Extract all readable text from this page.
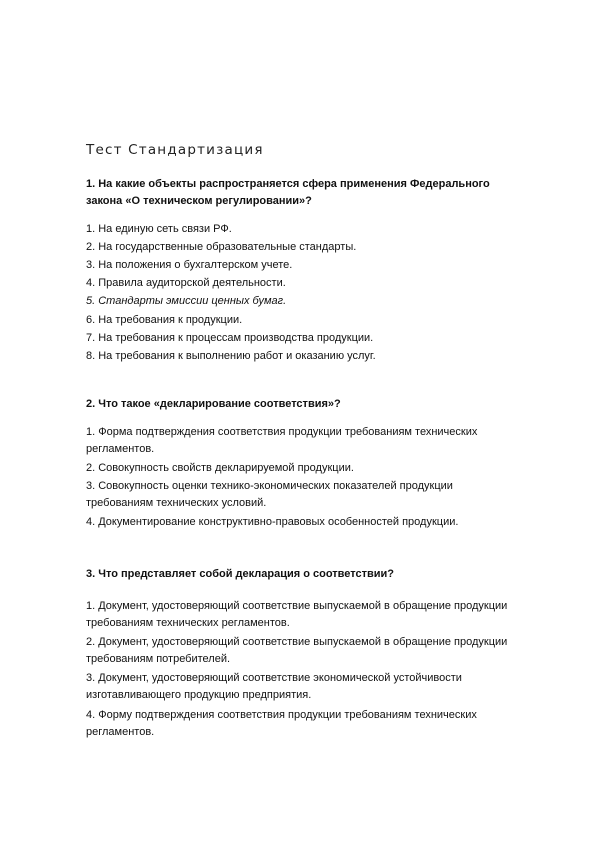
Тест Стандартизация
1. На какие объекты распространяется сфера применения Федерального закона «О техническом регулировании»?
1. На единую сеть связи РФ.
2. На государственные образовательные стандарты.
3. На положения о бухгалтерском учете.
4. Правила аудиторской деятельности.
5. Стандарты эмиссии ценных бумаг.
6. На требования к продукции.
7. На требования к процессам производства продукции.
8. На требования к выполнению работ и оказанию услуг.
2. Что такое «декларирование соответствия»?
1. Форма подтверждения соответствия продукции требованиям технических регламентов.
2. Совокупность свойств декларируемой продукции.
3. Совокупность оценки технико-экономических показателей продукции требованиям технических условий.
4. Документирование конструктивно-правовых особенностей продукции.
3. Что представляет собой декларация о соответствии?
1. Документ, удостоверяющий соответствие выпускаемой в обращение продукции требованиям технических регламентов.
2. Документ, удостоверяющий соответствие выпускаемой в обращение продукции требованиям потребителей.
3. Документ, удостоверяющий соответствие экономической устойчивости изготавливающего продукцию предприятия.
4. Форму подтверждения соответствия продукции требованиям технических регламентов.
